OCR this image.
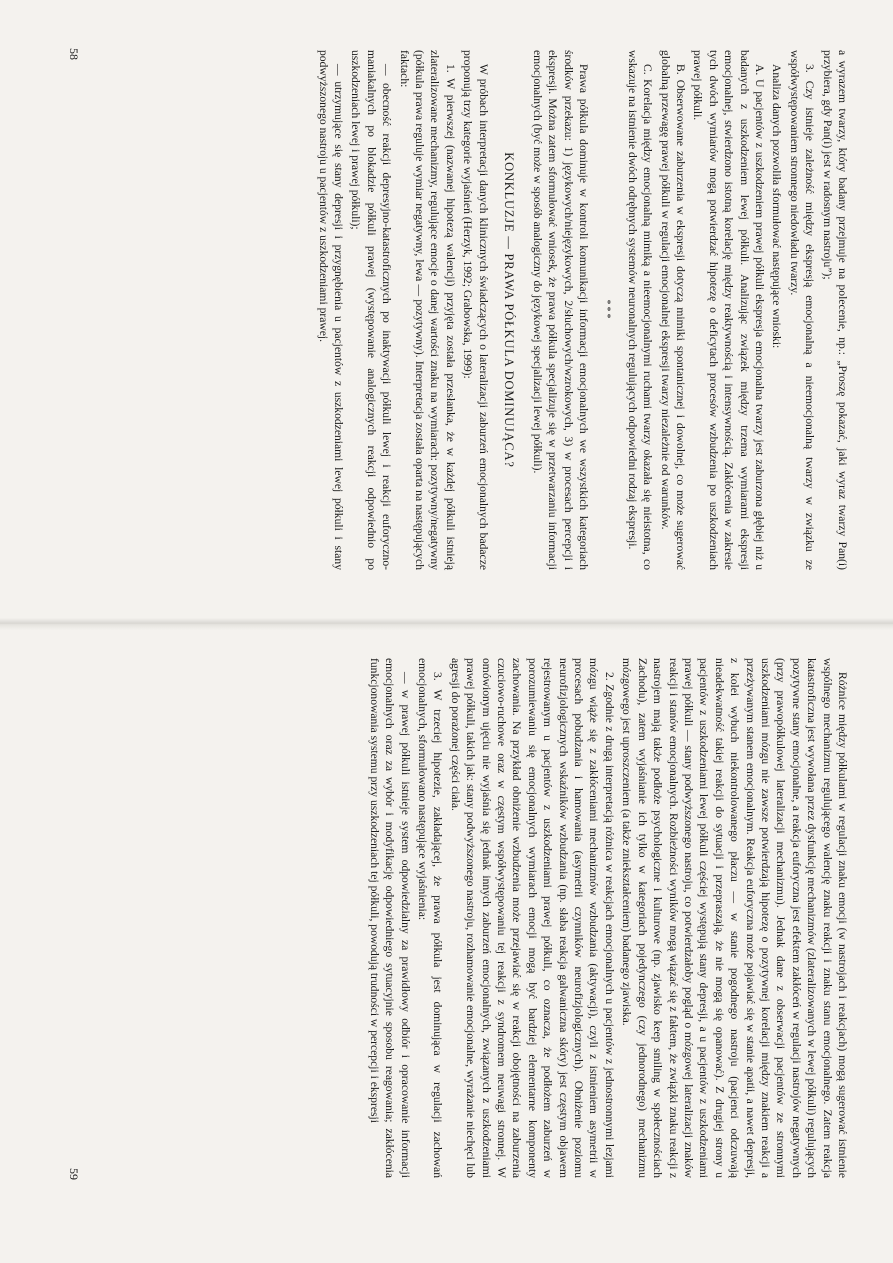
a wyrazem twarzy, który badany przejmuje na polecenie, np.: „Proszę pokazać, jaki wyraz twarzy Pan(i) przybiera, gdy Pan(i) jest w radosnym nastroju”);

3. Czy istnieje zależność między ekspresją emocjonalną a nieemocjonalną twarzy w związku ze współwystępowaniem stronnego niedowładu twarzy.

Analiza danych pozwoliła sformułować następujące wnioski:

A. U pacjentów z uszkodzeniem prawej półkuli ekspresja emocjonalna twarzy jest zaburzona głębiej niż u badanych z uszkodzeniem lewej półkuli. Analizując związek między trzema wymiarami ekspresji emocjonalnej, stwierdzono istotną korelację między reaktywnością i intensywnością. Zakłócenia w zakresie tych dwóch wymiarów mogą potwierdzać hipotezę o deficytach procesów wzbudzenia po uszkodzeniach prawej półkuli.

B. Obserwowane zaburzenia w ekspresji dotyczą mimiki spontanicznej i dowolnej, co może sugerować globalną przewagę prawej półkuli w regulacji emocjonalnej ekspresji twarzy niezależnie od warunków.

C. Korelacja między emocjonalną mimiką a nieemocjonalnymi ruchami twarzy okazała się nieistotna, co wskazuje na istnienie dwóch odrębnych systemów neuronalnych regulujących odpowiedni rodzaj ekspresji.

***

Prawa półkula dominuje w kontroli komunikacji informacji emocjonalnych we wszystkich kategoriach środków przekazu: 1) językowych/niejęzykowych, 2/słuchowych/wzrokowych, 3) w procesach percepcji i ekspresji. Można zatem sformułować wniosek, że prawa półkula specjalizuje się w przetwarzaniu informacji emocjonalnych (być może w sposób analogiczny do językowej specjalizacji lewej półkuli).

KONKLUZJE — PRAWA PÓŁKULA DOMINUJĄCA?

W próbach interpretacji danych klinicznych świadczących o lateralizacji zaburzeń emocjonalnych badacze proponują trzy kategorie wyjaśnień (Herzyk, 1992; Grabowska, 1999):

1. W pierwszej (nazwanej hipotezą walencji) przyjęta została przesłanka, że w każdej półkuli istnieją zlateralizowane mechanizmy, regulujące emocje o danej wartości znaku na wymiarach: pozytywny/negatywny (półkula prawa reguluje wymiar negatywny, lewa — pozytywny). Interpretacja została oparta na następujących faktach:

— obecność reakcji depresyjno-katastroficznych po inaktywacji półkuli lewej i reakcji euforyczno-maniakalnych po blokadzie półkuli prawej (występowanie analogicznych reakcji odpowiednio po uszkodzeniach lewej i prawej półkuli);

— utrzymujące się stany depresji i przygnębienia u pacjentów z uszkodzeniami lewej półkuli i stany podwyższonego nastroju u pacjentów z uszkodzeniami prawej.

58

Różnice między półkulami w regulacji znaku emocji (w nastrojach i reakcjach) mogą sugerować istnienie wspólnego mechanizmu regulującego walencję znaku reakcji i znaku stanu emocjonalnego. Zatem reakcja katastroficzna jest wywołana przez dysfunkcję mechanizmów (zlateralizowanych w lewej półkuli) regulujących pozytywne stany emocjonalne, a reakcja euforyczna jest efektem zakłóceń w regulacji nastrojów negatywnych (przy prawopółkulowej lateralizacji mechanizmu). Jednak dane z obserwacji pacjentów ze stronnymi uszkodzeniami mózgu nie zawsze potwierdzają hipotezę o pozytywnej korelacji między znakiem reakcji a przeżywanym stanem emocjonalnym. Reakcja euforyczna może pojawiać się w stanie apatii, a nawet depresji, z kolei wybuch niekontrolowanego płaczu — w stanie pogodnego nastroju (pacjenci odczuwają nieadekwatność takiej reakcji do sytuacji i przepraszają, że nie mogą się opanować). Z drugiej strony u pacjentów z uszkodzeniami lewej półkuli częściej występują stany depresji, a u pacjentów z uszkodzeniami prawej półkuli — stany podwyższonego nastroju, co potwierdzałoby pogląd o mózgowej lateralizacji znaków reakcji i stanów emocjonalnych. Rozbieżności wyników mogą wiązać się z faktem, że związki znaku reakcji z nastrojem mają także podłoże psychologiczne i kulturowe (np. zjawisko keep smiling w społecznościach Zachodu), zatem wyjaśnianie ich tylko w kategoriach pojedynczego (czy jednorodnego) mechanizmu mózgowego jest uproszczeniem (a także zniekształceniem) badanego zjawiska.

2. Zgodnie z drugą interpretacją różnica w reakcjach emocjonalnych u pacjentów z jednostronnymi lezjami mózgu wiąże się z zakłóceniami mechanizmów wzbudzania (aktywacji), czyli z istnieniem asymetrii w procesach pobudzania i hamowania (asymetrii czynników neurofizjologicznych). Obniżenie poziomu neurofizjologicznych wskaźników wzbudzania (np. słaba reakcja galwaniczna skóry) jest częstym objawem rejestrowanym u pacjentów z uszkodzeniami prawej półkuli, co oznacza, że podłożem zaburzeń w porozumiewaniu się emocjonalnych wymiarach emocji mogą być bardziej elementarne komponenty zachowania. Na przykład obniżenie wzbudzenia może przejawiać się w reakcji obojętności na zaburzenia czuciowo-ruchowe oraz w częstym współwystępowaniu tej reakcji z syndromem neuwagi stronnej. W omówionym ujęciu nie wyjaśnia się jednak innych zaburzeń emocjonalnych, związanych z uszkodzeniami prawej półkuli, takich jak: stany podwyższonego nastroju, rozhamowanie emocjonalne, wyrażanie niechęci lub agresji do porażonej części ciała.

3. W trzeciej hipotezie, zakładającej, że prawa półkula jest dominująca w regulacji zachowań emocjonalnych, sformułowano następujące wyjaśnienia:

— w prawej półkuli istnieje system odpowiedzialny za prawidłowy odbiór i opracowanie informacji emocjonalnych oraz za wybór i modyfikację odpowiedniego sytuacyjnie sposobu reagowania; zakłócenia funkcjonowania systemu przy uszkodzeniach tej półkuli, powodują trudności w percepcji i ekspresji

59
